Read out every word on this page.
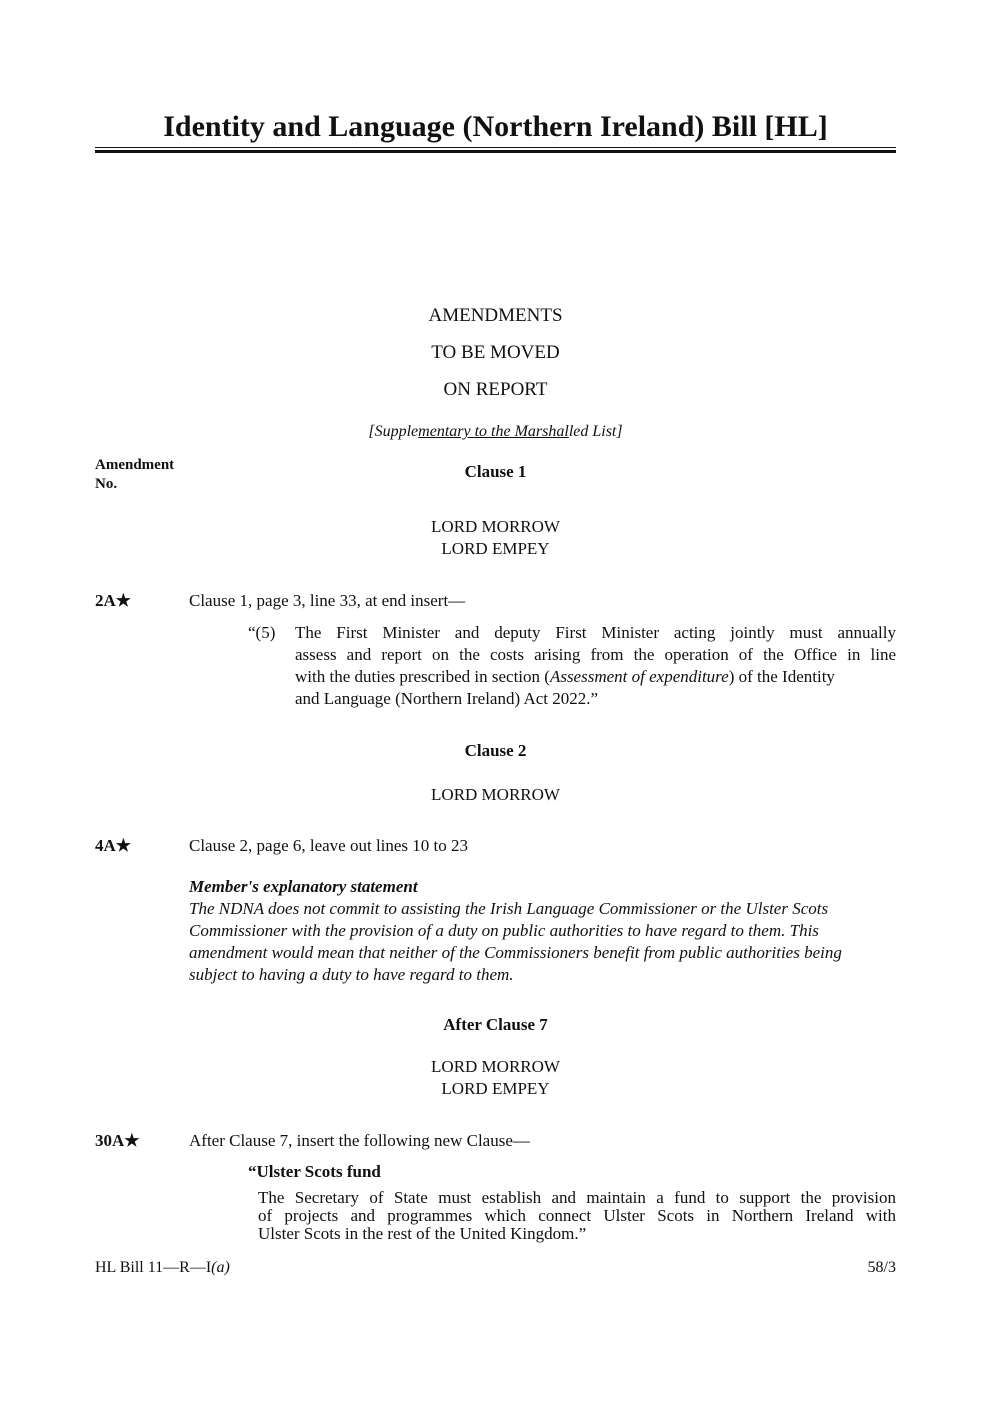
Identity and Language (Northern Ireland) Bill [HL]
AMENDMENTS
TO BE MOVED
ON REPORT
[Supplementary to the Marshalled List]
Amendment
No.
Clause 1
LORD MORROW
LORD EMPEY
2A★	Clause 1, page 3, line 33, at end insert—
“(5) The First Minister and deputy First Minister acting jointly must annually
assess and report on the costs arising from the operation of the Office in line
with the duties prescribed in section (Assessment of expenditure) of the Identity
and Language (Northern Ireland) Act 2022.”
Clause 2
LORD MORROW
4A★	Clause 2, page 6, leave out lines 10 to 23
Member's explanatory statement
The NDNA does not commit to assisting the Irish Language Commissioner or the Ulster Scots
Commissioner with the provision of a duty on public authorities to have regard to them. This
amendment would mean that neither of the Commissioners benefit from public authorities being
subject to having a duty to have regard to them.
After Clause 7
LORD MORROW
LORD EMPEY
30A★	After Clause 7, insert the following new Clause—
“Ulster Scots fund
The Secretary of State must establish and maintain a fund to support the provision
of projects and programmes which connect Ulster Scots in Northern Ireland with
Ulster Scots in the rest of the United Kingdom.”
HL Bill 11—R—I(a)	58/3
